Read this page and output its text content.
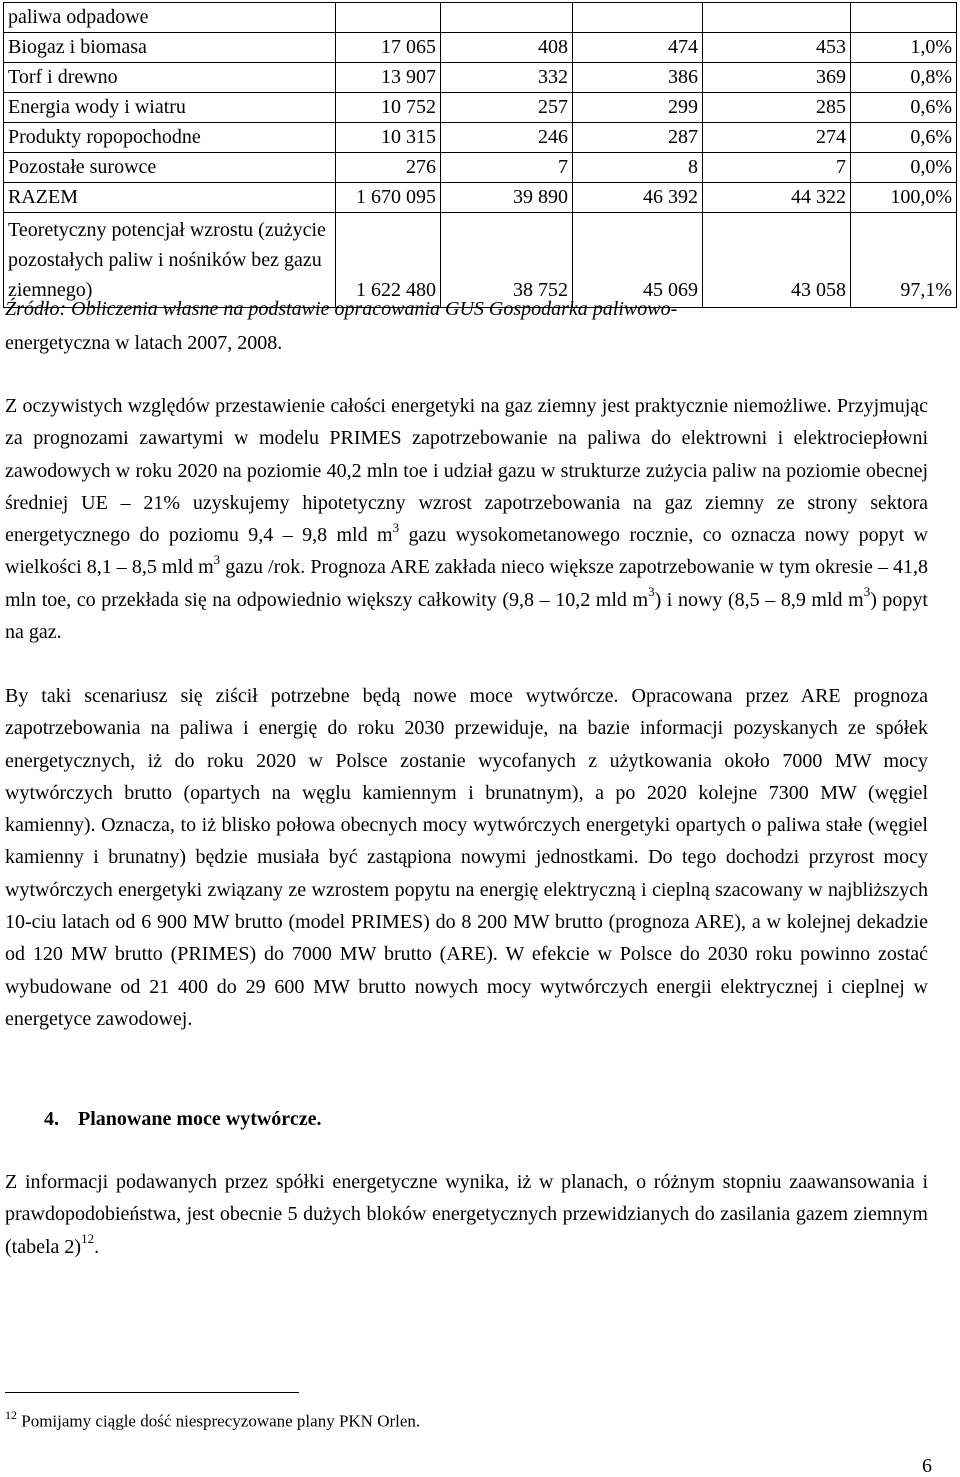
paliwa odpadowe					
Biogaz i biomasa	17 065	408	474	453	1,0%
Torf i drewno	13 907	332	386	369	0,8%
Energia wody i wiatru	10 752	257	299	285	0,6%
Produkty ropopochodne	10 315	246	287	274	0,6%
Pozostałe surowce	276	7	8	7	0,0%
RAZEM	1 670 095	39 890	46 392	44 322	100,0%
Teoretyczny potencjał wzrostu (zużycie pozostałych paliw i nośników bez gazu ziemnego)	1 622 480	38 752	45 069	43 058	97,1%
Źródło: Obliczenia własne na podstawie opracowania GUS Gospodarka paliwowo-
energetyczna w latach 2007, 2008.

Z oczywistych względów przestawienie całości energetyki na gaz ziemny jest praktycznie niemożliwe. Przyjmując za prognozami zawartymi w modelu PRIMES zapotrzebowanie na paliwa do elektrowni i elektrociepłowni zawodowych w roku 2020 na poziomie 40,2 mln toe i udział gazu w strukturze zużycia paliw na poziomie obecnej średniej UE – 21% uzyskujemy hipotetyczny wzrost zapotrzebowania na gaz ziemny ze strony sektora energetycznego do poziomu 9,4 – 9,8 mld $m^3$ gazu wysokometanowego rocznie, co oznacza nowy popyt w wielkości 8,1 – 8,5 mld $m^3$ gazu /rok. Prognoza ARE zakłada nieco większe zapotrzebowanie w tym okresie – 41,8 mln toe, co przekłada się na odpowiednio większy całkowity (9,8 – 10,2 mld $m^3$) i nowy (8,5 – 8,9 mld $m^3$) popyt na gaz.

By taki scenariusz się ziścił potrzebne będą nowe moce wytwórcze. Opracowana przez ARE prognoza zapotrzebowania na paliwa i energię do roku 2030 przewiduje, na bazie informacji pozyskanych ze spółek energetycznych, iż do roku 2020 w Polsce zostanie wycofanych z użytkowania około 7000 MW mocy wytwórczych brutto (opartych na węglu kamiennym i brunatnym), a po 2020 kolejne 7300 MW (węgiel kamienny). Oznacza, to iż blisko połowa obecnych mocy wytwórczych energetyki opartych o paliwa stałe (węgiel kamienny i brunatny) będzie musiała być zastąpiona nowymi jednostkami. Do tego dochodzi przyrost mocy wytwórczych energetyki związany ze wzrostem popytu na energię elektryczną i cieplną szacowany w najbliższych 10-ciu latach od 6 900 MW brutto (model PRIMES) do 8 200 MW brutto (prognoza ARE), a w kolejnej dekadzie od 120 MW brutto (PRIMES) do 7000 MW brutto (ARE). W efekcie w Polsce do 2030 roku powinno zostać wybudowane od 21 400 do 29 600 MW brutto nowych mocy wytwórczych energii elektrycznej i cieplnej w energetyce zawodowej.

4. Planowane moce wytwórcze.

Z informacji podawanych przez spółki energetyczne wynika, iż w planach, o różnym stopniu zaawansowania i prawdopodobieństwa, jest obecnie 5 dużych bloków energetycznych przewidzianych do zasilania gazem ziemnym (tabela 2)$^{12}$.

$^{12}$ Pomijamy ciągle dość niesprecyzowane plany PKN Orlen.
6
